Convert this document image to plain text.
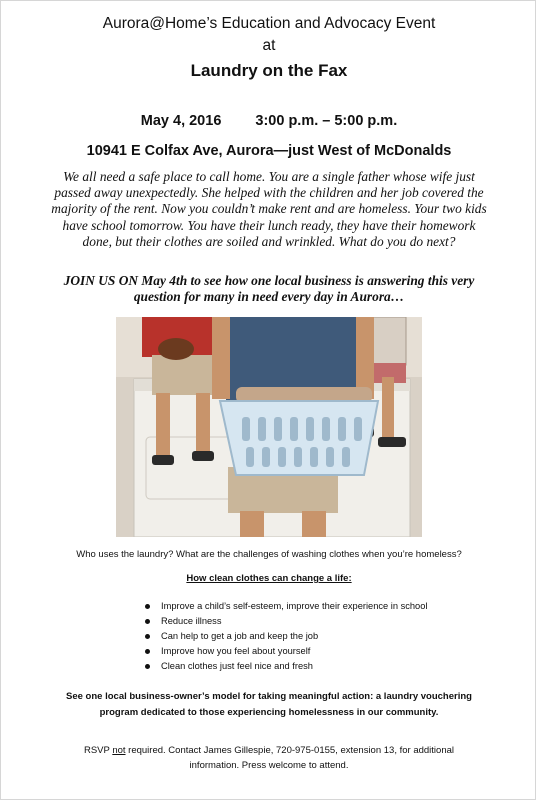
Aurora@Home’s Education and Advocacy Event
at
Laundry on the Fax
May 4, 2016 3:00 p.m. – 5:00 p.m.
10941 E Colfax Ave, Aurora—just West of McDonalds
We all need a safe place to call home. You are a single father whose wife just
passed away unexpectedly. She helped with the children and her job covered the
majority of the rent. Now you couldn’t make rent and are homeless. Your two kids
have school tomorrow. You have their lunch ready, they have their homework
done, but their clothes are soiled and wrinkled. What do you do next?
JOIN US ON May 4th to see how one local business is answering this very
question for many in need every day in Aurora…
Who uses the laundry? What are the challenges of washing clothes when you’re homeless?
How clean clothes can change a life:
Improve a child’s self-esteem, improve their experience in school
Reduce illness
Can help to get a job and keep the job
Improve how you feel about yourself
Clean clothes just feel nice and fresh
See one local business-owner’s model for taking meaningful action: a laundry vouchering
program dedicated to those experiencing homelessness in our community.
RSVP not required. Contact James Gillespie, 720-975-0155, extension 13, for additional
information. Press welcome to attend.
